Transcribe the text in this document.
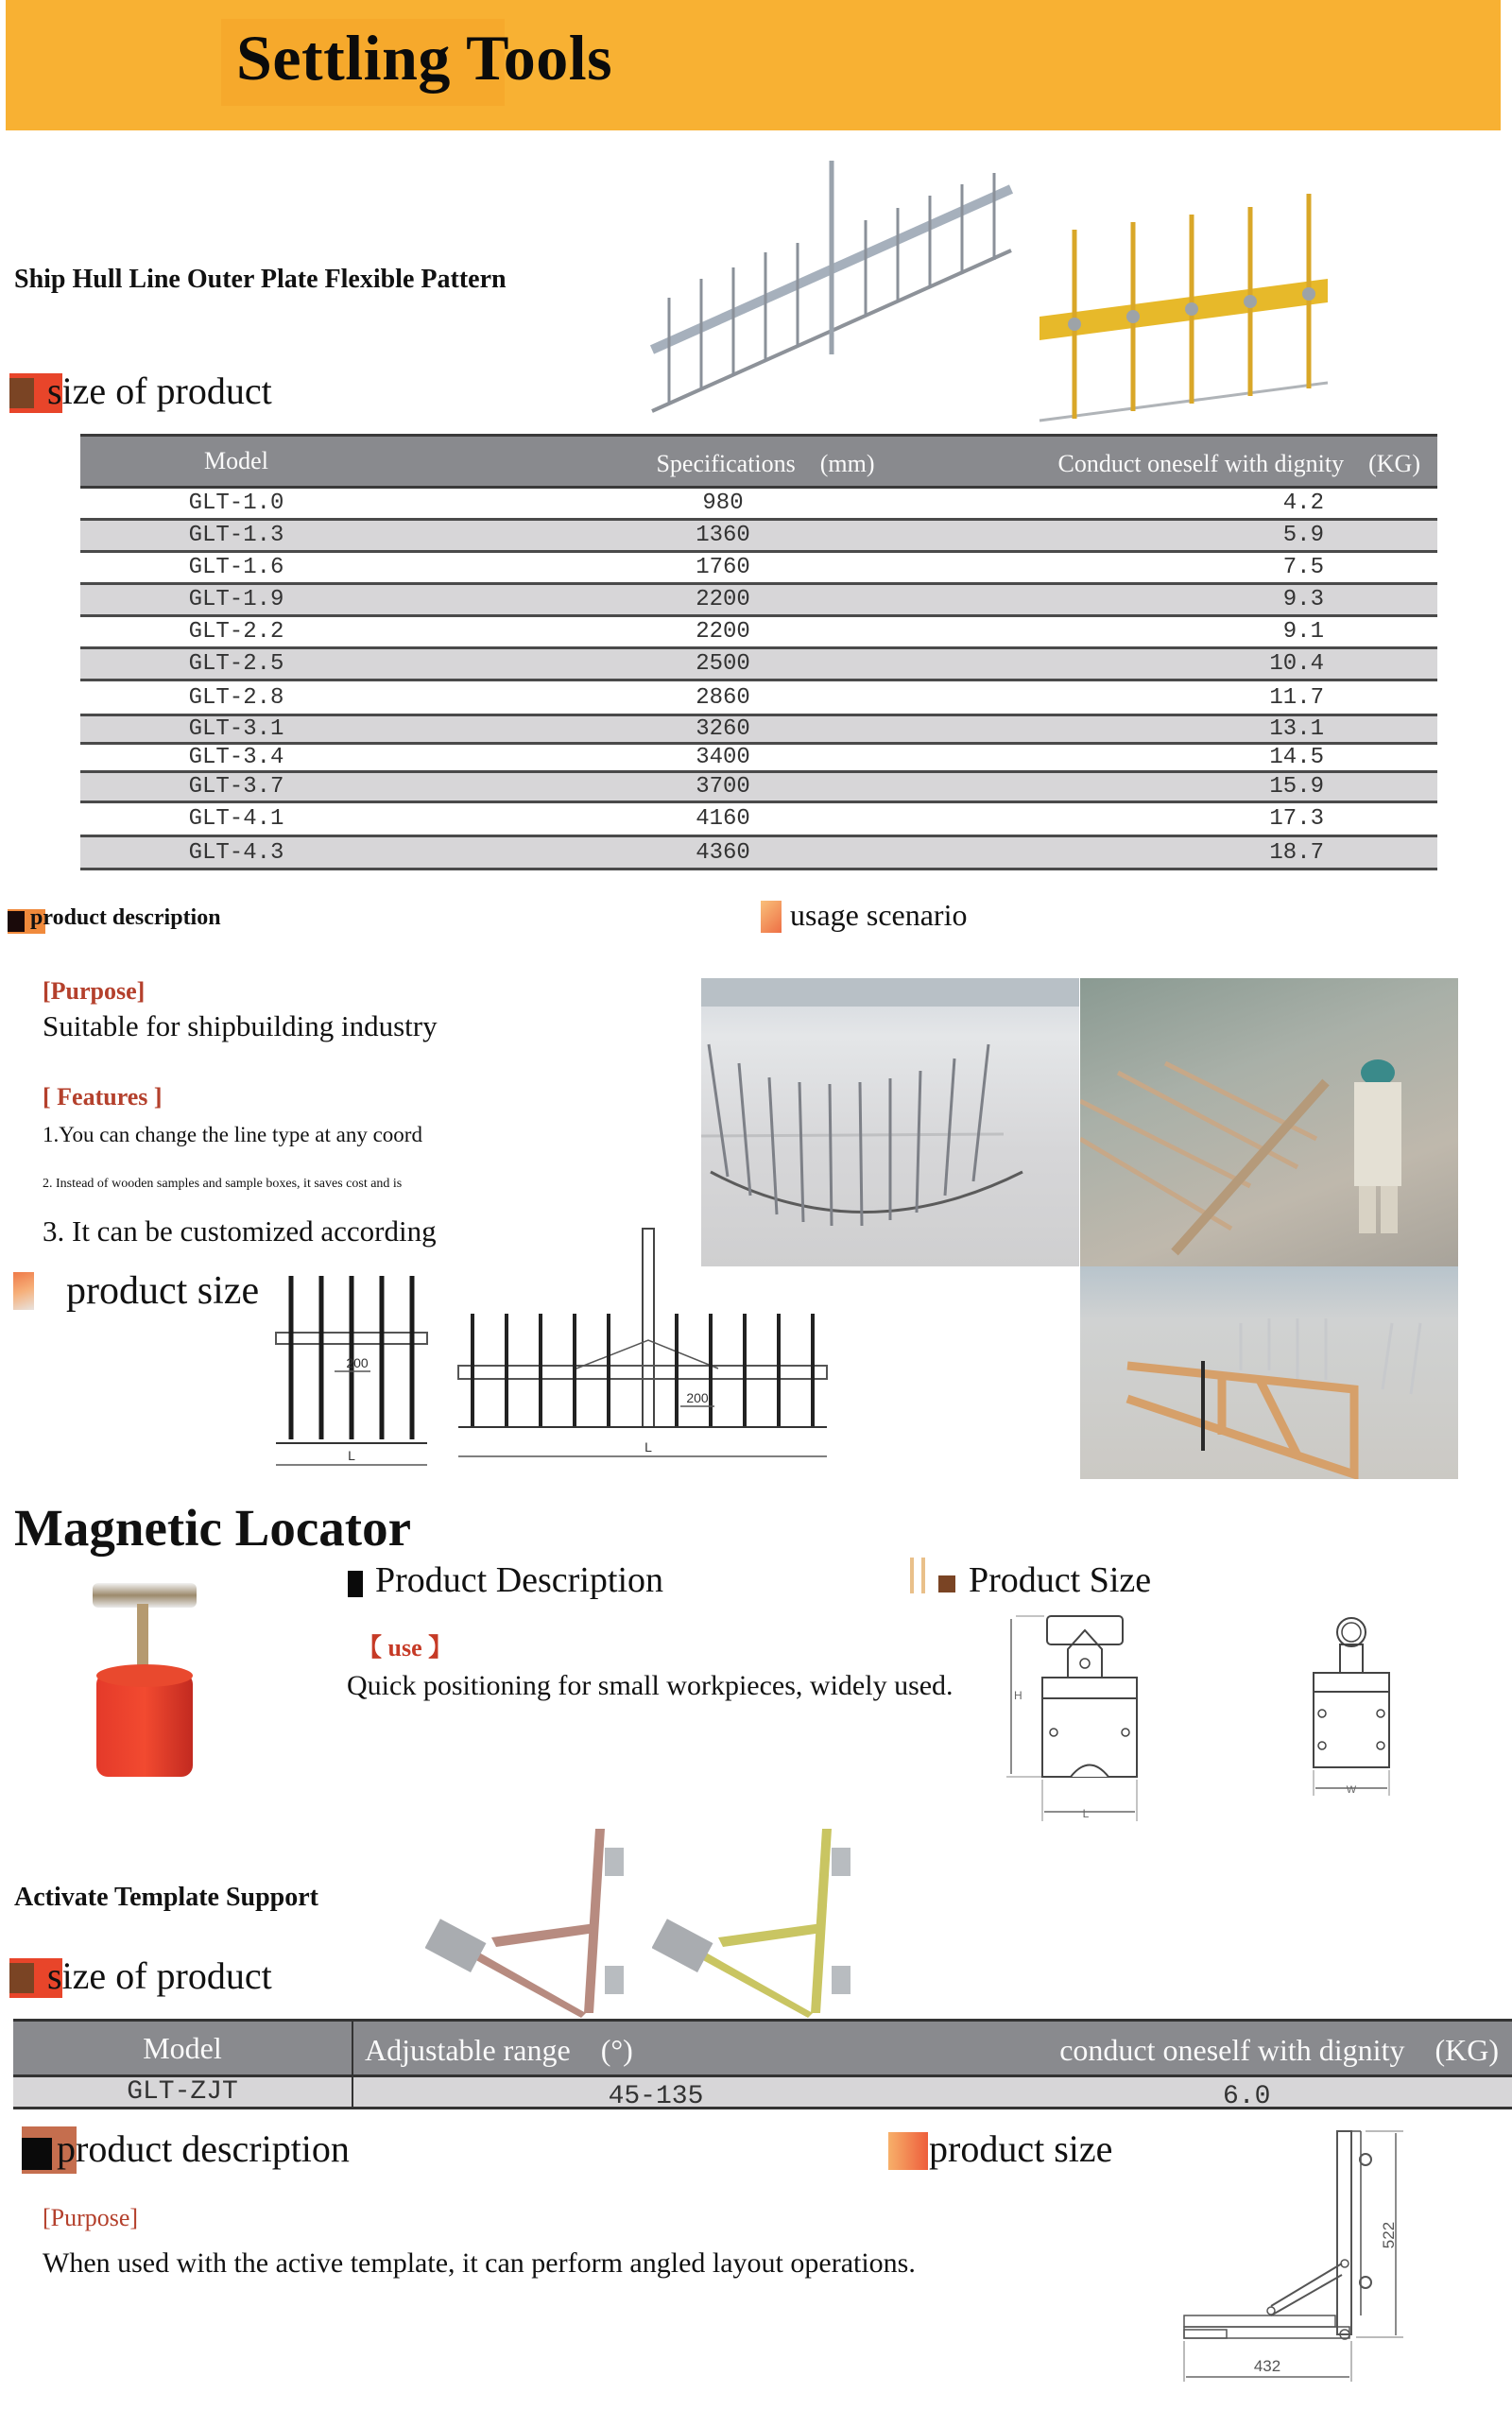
Settling Tools
Ship Hull Line Outer Plate Flexible Pattern
size of product
Model	Specifications　(mm)	Conduct oneself with dignity　(KG)
GLT-1.0	980	4.2
GLT-1.3	1360	5.9
GLT-1.6	1760	7.5
GLT-1.9	2200	9.3
GLT-2.2	2200	9.1
GLT-2.5	2500	10.4
GLT-2.8	2860	11.7
GLT-3.1	3260	13.1
GLT-3.4	3400	14.5
GLT-3.7	3700	15.9
GLT-4.1	4160	17.3
GLT-4.3	4360	18.7
product description
[Purpose]
Suitable for shipbuilding industry
[ Features ]
1.You can change the line type at any coord
2. Instead of wooden samples and sample boxes, it saves cost and is
3. It can be customized according
usage scenario
product size
200
L
200
L
Magnetic Locator
Product Description
【 use 】
Quick positioning for small workpieces, widely used.
Product Size
H
L
W
Activate Template Support
size of product
Model	Adjustable range　(°)	conduct oneself with dignity　(KG)
GLT-ZJT	45-135	6.0
product description	product size
[Purpose]
When used with the active template, it can perform angled layout operations.
522
432
